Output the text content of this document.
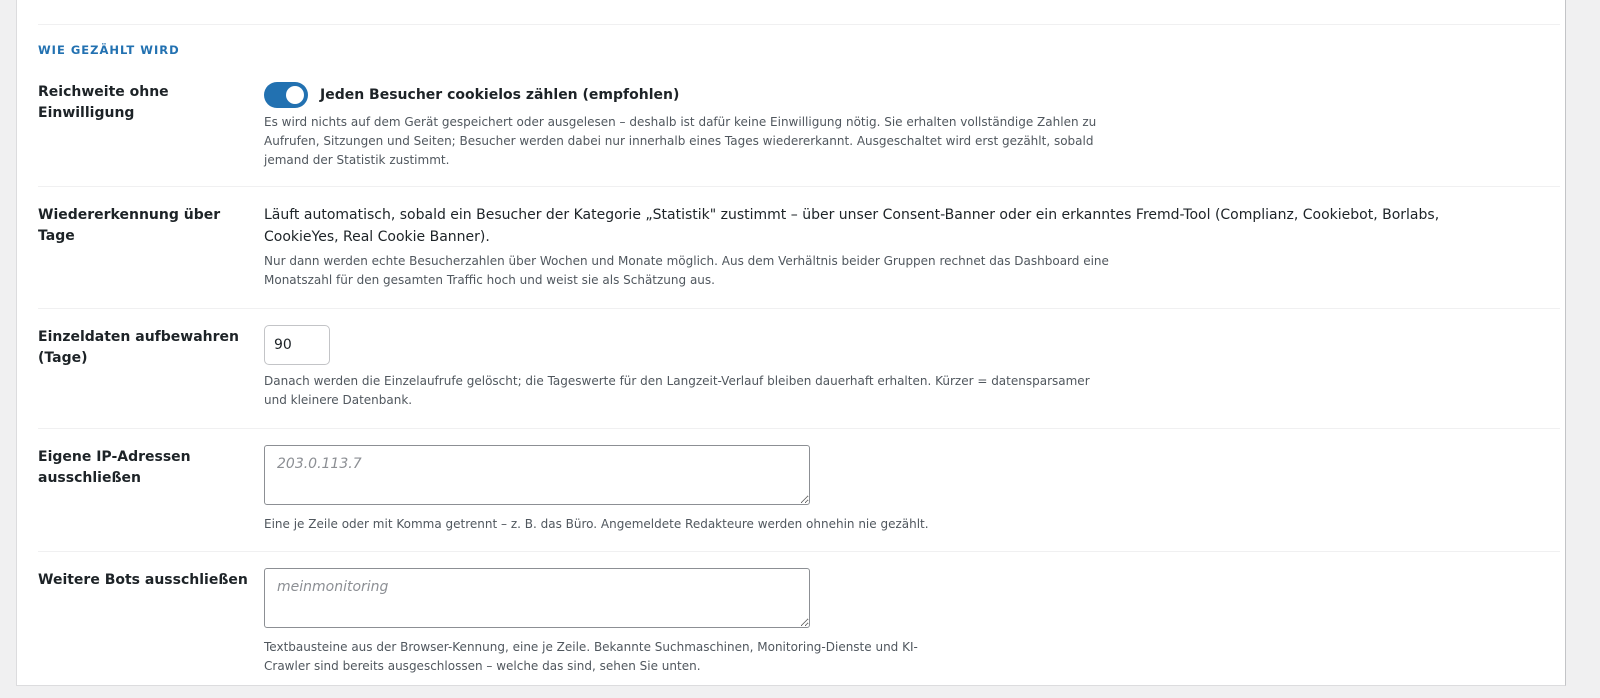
WIE GEZÄHLT WIRD
Reichweite ohne Einwilligung
Jeden Besucher cookielos zählen (empfohlen)
Es wird nichts auf dem Gerät gespeichert oder ausgelesen – deshalb ist dafür keine Einwilligung nötig. Sie erhalten vollständige Zahlen zu Aufrufen, Sitzungen und Seiten; Besucher werden dabei nur innerhalb eines Tages wiedererkannt. Ausgeschaltet wird erst gezählt, sobald jemand der Statistik zustimmt.
Wiedererkennung über Tage
Läuft automatisch, sobald ein Besucher der Kategorie „Statistik" zustimmt – über unser Consent-Banner oder ein erkanntes Fremd-Tool (Complianz, Cookiebot, Borlabs, CookieYes, Real Cookie Banner).
Nur dann werden echte Besucherzahlen über Wochen und Monate möglich. Aus dem Verhältnis beider Gruppen rechnet das Dashboard eine Monatszahl für den gesamten Traffic hoch und weist sie als Schätzung aus.
Einzeldaten aufbewahren (Tage)
90
Danach werden die Einzelaufrufe gelöscht; die Tageswerte für den Langzeit-Verlauf bleiben dauerhaft erhalten. Kürzer = datensparsamer und kleinere Datenbank.
Eigene IP-Adressen ausschließen
203.0.113.7
Eine je Zeile oder mit Komma getrennt – z. B. das Büro. Angemeldete Redakteure werden ohnehin nie gezählt.
Weitere Bots ausschließen
meinmonitoring
Textbausteine aus der Browser-Kennung, eine je Zeile. Bekannte Suchmaschinen, Monitoring-Dienste und KI-Crawler sind bereits ausgeschlossen – welche das sind, sehen Sie unten.
